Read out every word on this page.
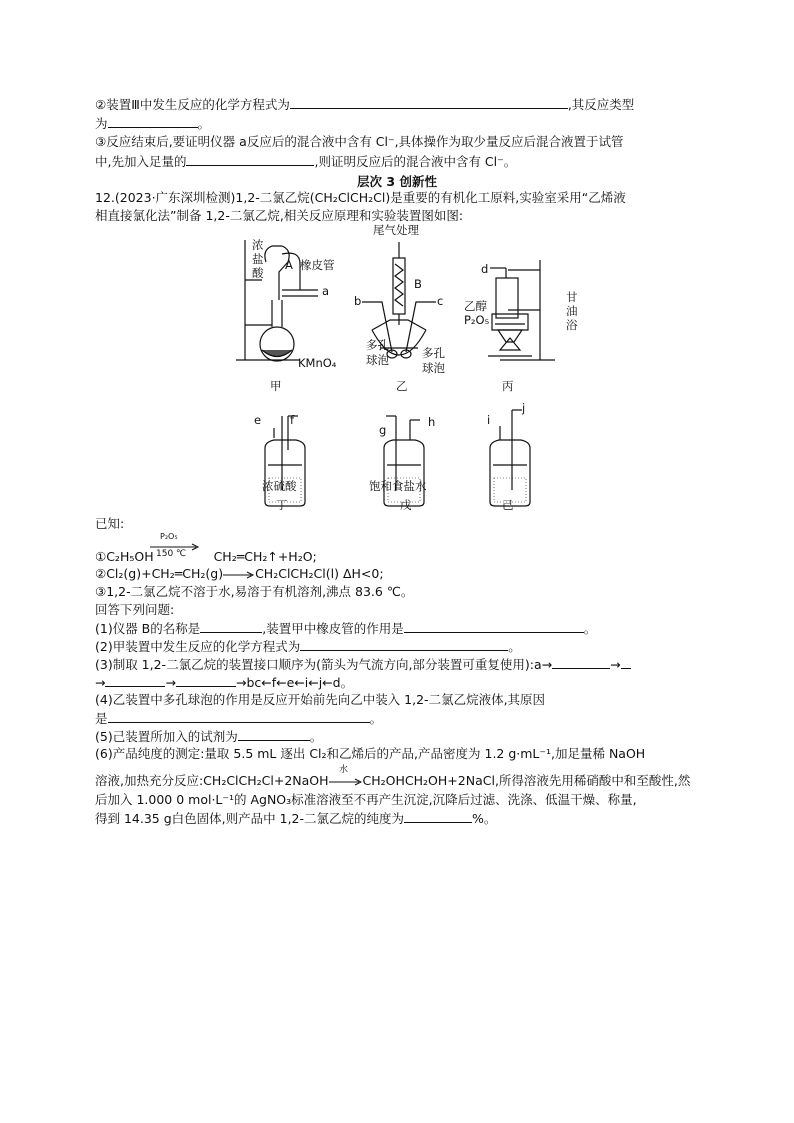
②装置Ⅲ中发生反应的化学方程式为	,其反应类型
为	。
③反应结束后,要证明仪器 a反应后的混合液中含有 Cl⁻,具体操作为取少量反应后混合液置于试管
中,先加入足量的	,则证明反应后的混合液中含有 Cl⁻。
层次 3 创新性
12.(2023·广东深圳检测)1,2-二氯乙烷(CH₂ClCH₂Cl)是重要的有机化工原料,实验室采用“乙烯液
相直接氯化法”制备 1,2-二氯乙烷,相关反应原理和实验装置图如图:
尾气处理
浓盐酸
A 橡皮管
a
KMnO₄
甲
B
b	c
多孔球泡	多孔球泡
乙
d
乙醇
P₂O₅
甘油浴
丙
e	f
浓硫酸
丁
g
h
饱和食盐水
戊
i
j
己
已知:
P₂O₅
150 ℃
①C₂H₅OH	CH₂═CH₂↑+H₂O;
②Cl₂(g)+CH₂═CH₂(g)	CH₂ClCH₂Cl(l) ΔH<0;
③1,2-二氯乙烷不溶于水,易溶于有机溶剂,沸点 83.6 ℃。
回答下列问题:
(1)仪器 B的名称是	,装置甲中橡皮管的作用是	。
(2)甲装置中发生反应的化学方程式为	。
(3)制取 1,2-二氯乙烷的装置接口顺序为(箭头为气流方向,部分装置可重复使用):a→	→
→	→	→bc←f←e←i←j←d。
(4)乙装置中多孔球泡的作用是反应开始前先向乙中装入 1,2-二氯乙烷液体,其原因
是	。
(5)己装置所加入的试剂为	。
(6)产品纯度的测定:量取 5.5 mL 逐出 Cl₂和乙烯后的产品,产品密度为 1.2 g·mL⁻¹,加足量稀 NaOH
水
溶液,加热充分反应:CH₂ClCH₂Cl+2NaOH	CH₂OHCH₂OH+2NaCl,所得溶液先用稀硝酸中和至酸性,然
后加入 1.000 0 mol·L⁻¹的 AgNO₃标准溶液至不再产生沉淀,沉降后过滤、洗涤、低温干燥、称量,
得到 14.35 g白色固体,则产品中 1,2-二氯乙烷的纯度为	%。
